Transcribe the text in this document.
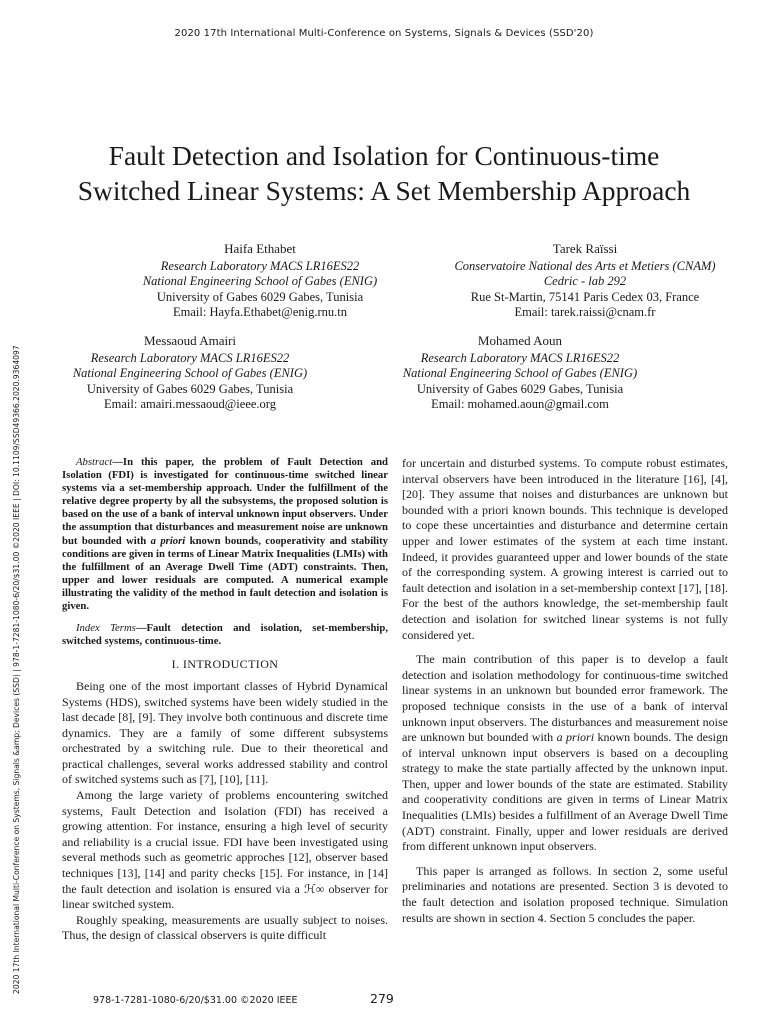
2020 17th International Multi-Conference on Systems, Signals & Devices (SSD'20)
Fault Detection and Isolation for Continuous-time Switched Linear Systems: A Set Membership Approach
Haifa Ethabet
Research Laboratory MACS LR16ES22
National Engineering School of Gabes (ENIG)
University of Gabes 6029 Gabes, Tunisia
Email: Hayfa.Ethabet@enig.rnu.tn
Tarek Raïssi
Conservatoire National des Arts et Metiers (CNAM)
Cedric - lab 292
Rue St-Martin, 75141 Paris Cedex 03, France
Email: tarek.raissi@cnam.fr
Messaoud Amairi
Research Laboratory MACS LR16ES22
National Engineering School of Gabes (ENIG)
University of Gabes 6029 Gabes, Tunisia
Email: amairi.messaoud@ieee.org
Mohamed Aoun
Research Laboratory MACS LR16ES22
National Engineering School of Gabes (ENIG)
University of Gabes 6029 Gabes, Tunisia
Email: mohamed.aoun@gmail.com

Abstract—In this paper, the problem of Fault Detection and Isolation (FDI) is investigated for continuous-time switched linear systems via a set-membership approach. Under the fulfillment of the relative degree property by all the subsystems, the proposed solution is based on the use of a bank of interval unknown input observers. Under the assumption that disturbances and measurement noise are unknown but bounded with a priori known bounds, cooperativity and stability conditions are given in terms of Linear Matrix Inequalities (LMIs) with the fulfillment of an Average Dwell Time (ADT) constraints. Then, upper and lower residuals are computed. A numerical example illustrating the validity of the method in fault detection and isolation is given.

Index Terms—Fault detection and isolation, set-membership, switched systems, continuous-time.

I. INTRODUCTION

Being one of the most important classes of Hybrid Dynamical Systems (HDS), switched systems have been widely studied in the last decade [8], [9]. They involve both continuous and discrete time dynamics. They are a family of some different subsystems orchestrated by a switching rule. Due to their theoretical and practical challenges, several works addressed stability and control of switched systems such as [7], [10], [11].

Among the large variety of problems encountering switched systems, Fault Detection and Isolation (FDI) has received a growing attention. For instance, ensuring a high level of security and reliability is a crucial issue. FDI have been investigated using several methods such as geometric approches [12], observer based techniques [13], [14] and parity checks [15]. For instance, in [14] the fault detection and isolation is ensured via a ℋ∞ observer for linear switched system.

Roughly speaking, measurements are usually subject to noises. Thus, the design of classical observers is quite difficult

for uncertain and disturbed systems. To compute robust estimates, interval observers have been introduced in the literature [16], [4], [20]. They assume that noises and disturbances are unknown but bounded with a priori known bounds. This technique is developed to cope these uncertainties and disturbance and determine certain upper and lower estimates of the system at each time instant. Indeed, it provides guaranteed upper and lower bounds of the state of the corresponding system. A growing interest is carried out to fault detection and isolation in a set-membership context [17], [18]. For the best of the authors knowledge, the set-membership fault detection and isolation for switched linear systems is not fully considered yet.

The main contribution of this paper is to develop a fault detection and isolation methodology for continuous-time switched linear systems in an unknown but bounded error framework. The proposed technique consists in the use of a bank of interval unknown input observers. The disturbances and measurement noise are unknown but bounded with a priori known bounds. The design of interval unknown input observers is based on a decoupling strategy to make the state partially affected by the unknown input. Then, upper and lower bounds of the state are estimated. Stability and cooperativity conditions are given in terms of Linear Matrix Inequalities (LMIs) besides a fulfillment of an Average Dwell Time (ADT) constraint. Finally, upper and lower residuals are derived from different unknown input observers.

This paper is arranged as follows. In section 2, some useful preliminaries and notations are presented. Section 3 is devoted to the fault detection and isolation proposed technique. Simulation results are shown in section 4. Section 5 concludes the paper.

2020 17th International Multi-Conference on Systems, Signals &amp; Devices (SSD) | 978-1-7281-1080-6/20/$31.00 ©2020 IEEE | DOI: 10.1109/SSD49366.2020.9364097
978-1-7281-1080-6/20/$31.00 ©2020 IEEE	279
